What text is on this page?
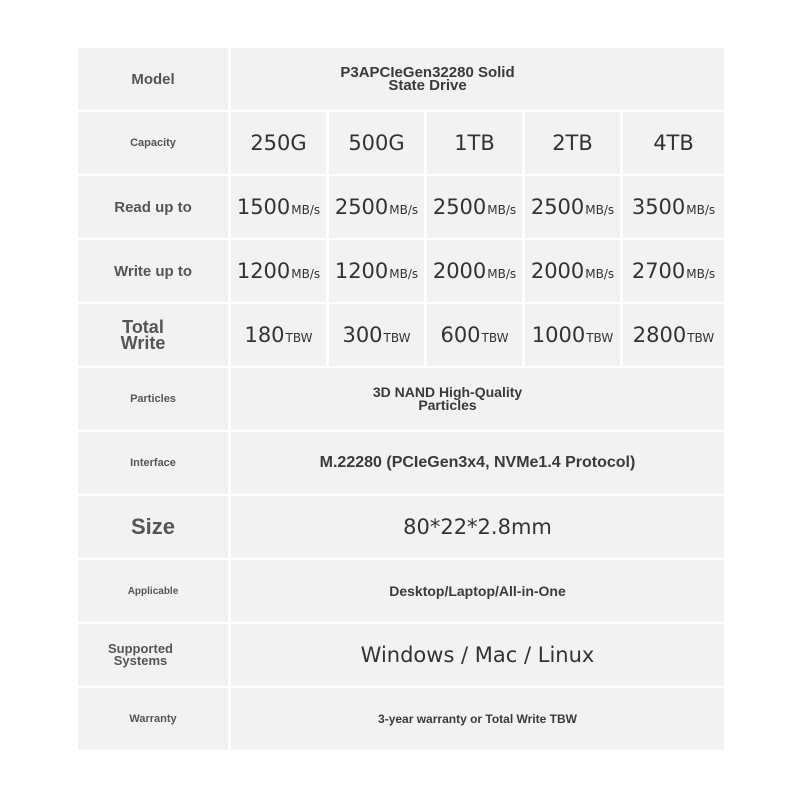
Model	P3APCIeGen32280 Solid State Drive
Capacity	250G	500G	1TB	2TB	4TB
Read up to	1500 MB/s 2500 MB/s 2500 MB/s 2500 MB/s 3500 MB/s
Write up to	1200 MB/s 1200 MB/s 2000 MB/s 2000 MB/s 2700 MB/s
Total Write	180 TBW 300 TBW 600 TBW 1000 TBW 2800 TBW
Particles	3D NAND High-Quality Particles
Interface	M.22280 (PCIeGen3x4, NVMe1.4 Protocol)
Size	80*22*2.8mm
Applicable	Desktop/Laptop/All-in-One
Supported Systems	Windows / Mac / Linux
Warranty	3-year warranty or Total Write TBW
